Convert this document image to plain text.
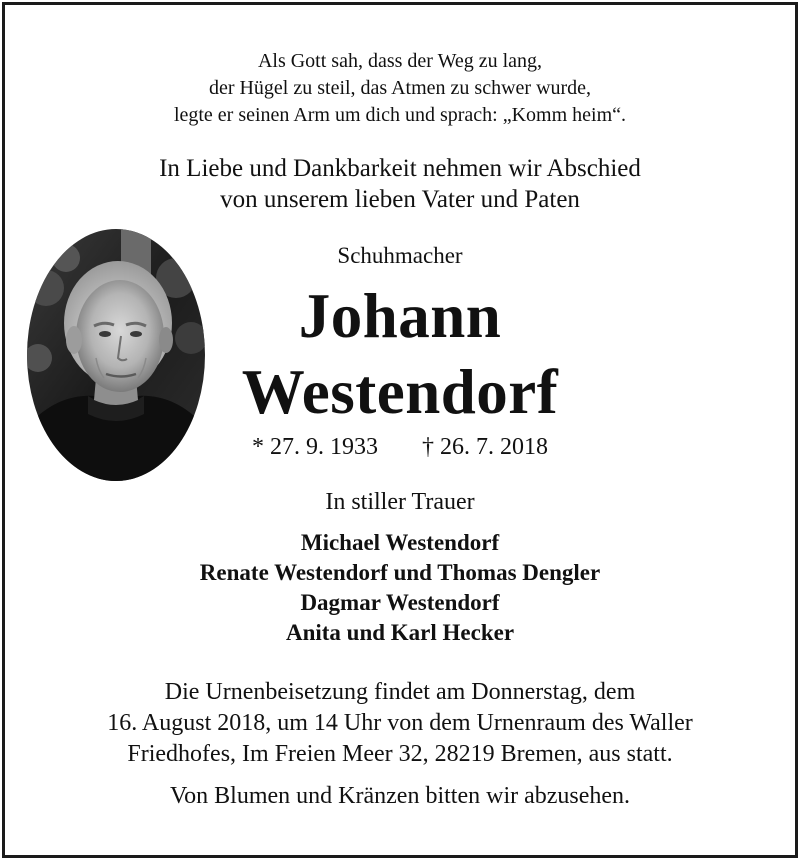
Als Gott sah, dass der Weg zu lang,
der Hügel zu steil, das Atmen zu schwer wurde,
legte er seinen Arm um dich und sprach: „Komm heim“.
In Liebe und Dankbarkeit nehmen wir Abschied
von unserem lieben Vater und Paten
Schuhmacher
Johann
Westendorf
* 27. 9. 1933 † 26. 7. 2018
In stiller Trauer
Michael Westendorf
Renate Westendorf und Thomas Dengler
Dagmar Westendorf
Anita und Karl Hecker
Die Urnenbeisetzung findet am Donnerstag, dem
16. August 2018, um 14 Uhr von dem Urnenraum des Waller
Friedhofes, Im Freien Meer 32, 28219 Bremen, aus statt.
Von Blumen und Kränzen bitten wir abzusehen.
